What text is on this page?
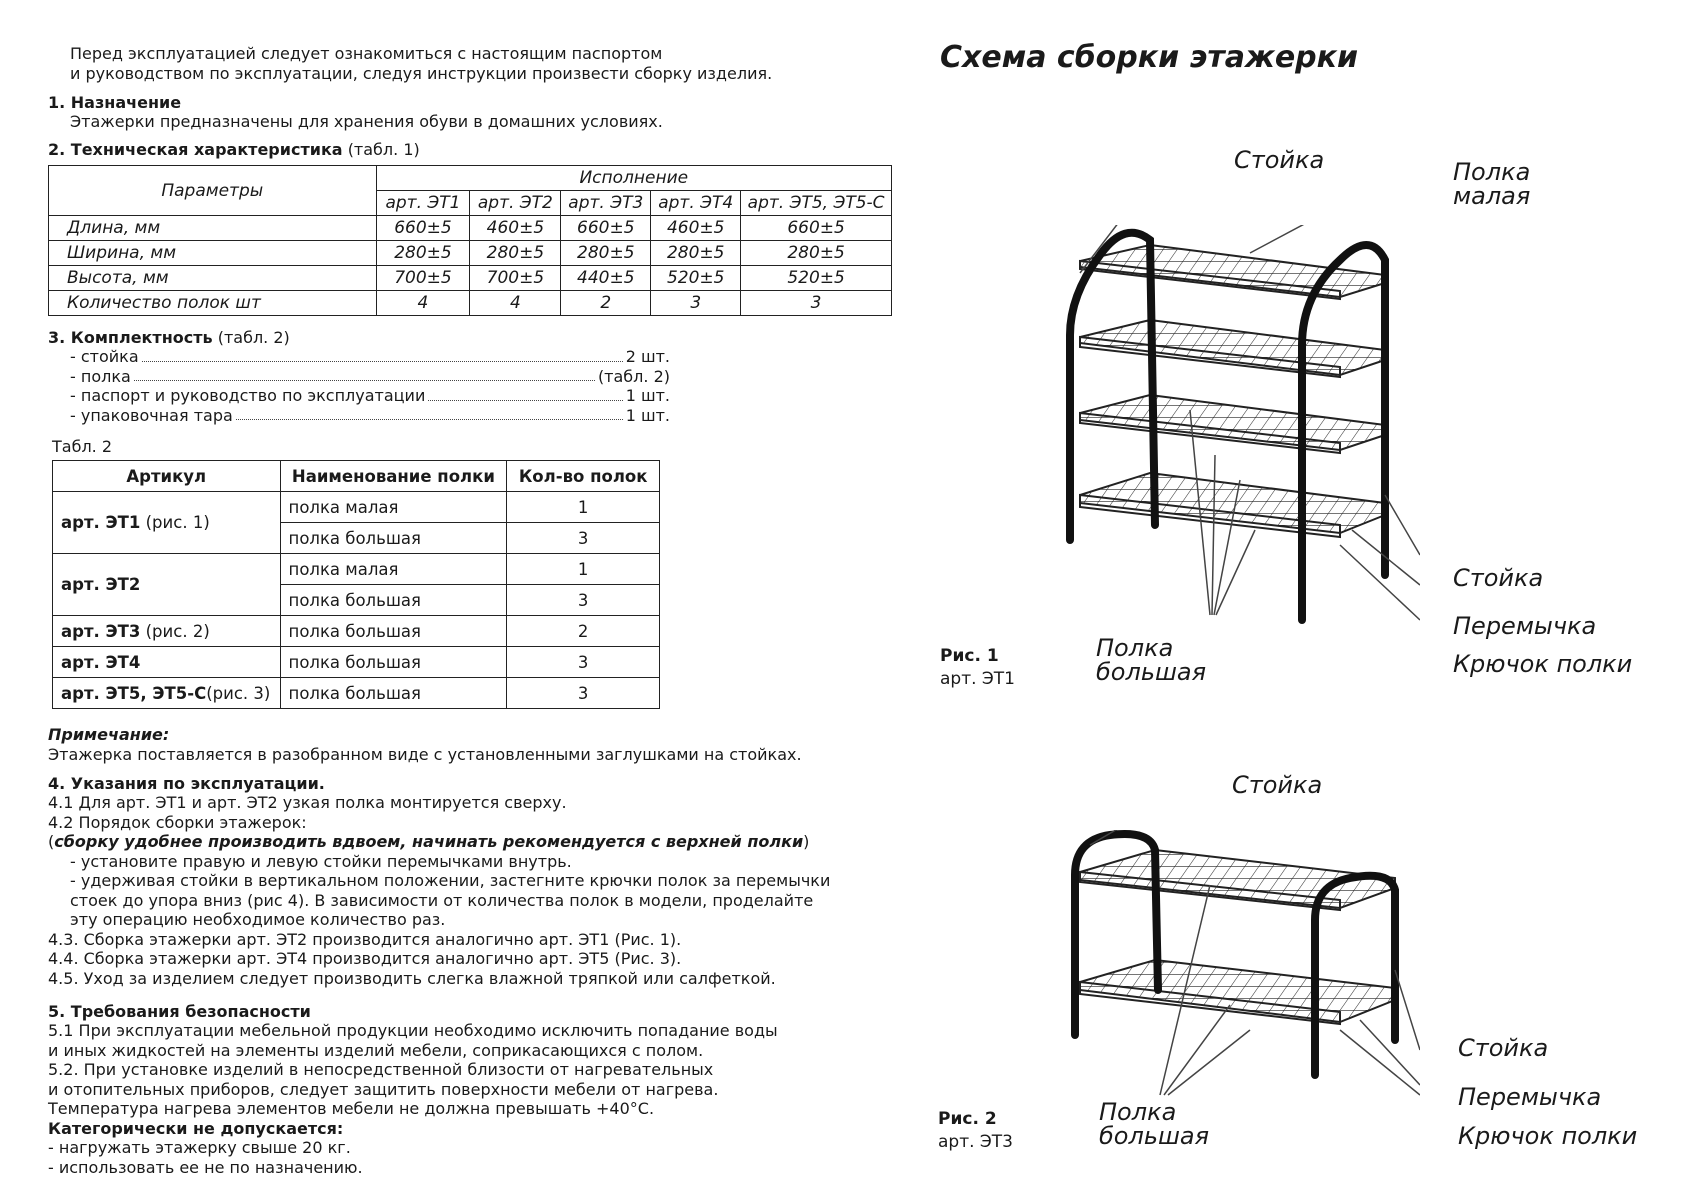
Перед эксплуатацией следует ознакомиться с настоящим паспортом
и руководством по эксплуатации, следуя инструкции произвести сборку изделия.
1. Назначение
Этажерки предназначены для хранения обуви в домашних условиях.
2. Техническая характеристика (табл. 1)
Параметры	Исполнение				
	арт. ЭТ1	арт. ЭТ2	арт. ЭТ3	арт. ЭТ4	арт. ЭТ5, ЭТ5-С
Длина, мм	660±5	460±5	660±5	460±5	660±5
Ширина, мм	280±5	280±5	280±5	280±5	280±5
Высота, мм	700±5	700±5	440±5	520±5	520±5
Количество полок шт	4	4	2	3	3
3. Комплектность (табл. 2)
- стойка	2 шт.
- полка	(табл. 2)
- паспорт и руководство по эксплуатации	1 шт.
- упаковочная тара	1 шт.
Табл. 2
Артикул	Наименование полки	Кол-во полок
арт. ЭТ1 (рис. 1)	полка малая	1
	полка большая	3
арт. ЭТ2	полка малая	1
	полка большая	3
арт. ЭТ3 (рис. 2)	полка большая	2
арт. ЭТ4	полка большая	3
арт. ЭТ5, ЭТ5-С(рис. 3)	полка большая	3
Примечание:
Этажерка поставляется в разобранном виде с установленными заглушками на стойках.
4. Указания по эксплуатации.
4.1 Для арт. ЭТ1 и арт. ЭТ2 узкая полка монтируется сверху.
4.2 Порядок сборки этажерок:
(сборку удобнее производить вдвоем, начинать рекомендуется с верхней полки)
- установите правую и левую стойки перемычками внутрь.
- удерживая стойки в вертикальном положении, застегните крючки полок за перемычки
стоек до упора вниз (рис 4). В зависимости от количества полок в модели, проделайте
эту операцию необходимое количество раз.
4.3. Сборка этажерки арт. ЭТ2 производится аналогично арт. ЭТ1 (Рис. 1).
4.4. Сборка этажерки арт. ЭТ4 производится аналогично арт. ЭТ5 (Рис. 3).
4.5. Уход за изделием следует производить слегка влажной тряпкой или салфеткой.
5. Требования безопасности
5.1 При эксплуатации мебельной продукции необходимо исключить попадание воды
и иных жидкостей на элементы изделий мебели, соприкасающихся с полом.
5.2. При установке изделий в непосредственной близости от нагревательных
и отопительных приборов, следует защитить поверхности мебели от нагрева.
Температура нагрева элементов мебели не должна превышать +40°С.
Категорически не допускается:
- нагружать этажерку свыше 20 кг.
- использовать ее не по назначению.
Схема сборки этажерки
Стойка	Полка
малая
Стойка
Перемычка
Крючок полки
Полка
большая
Рис. 1
арт. ЭТ1
Стойка
Стойка
Перемычка
Крючок полки
Полка
большая
Рис. 2
арт. ЭТ3
